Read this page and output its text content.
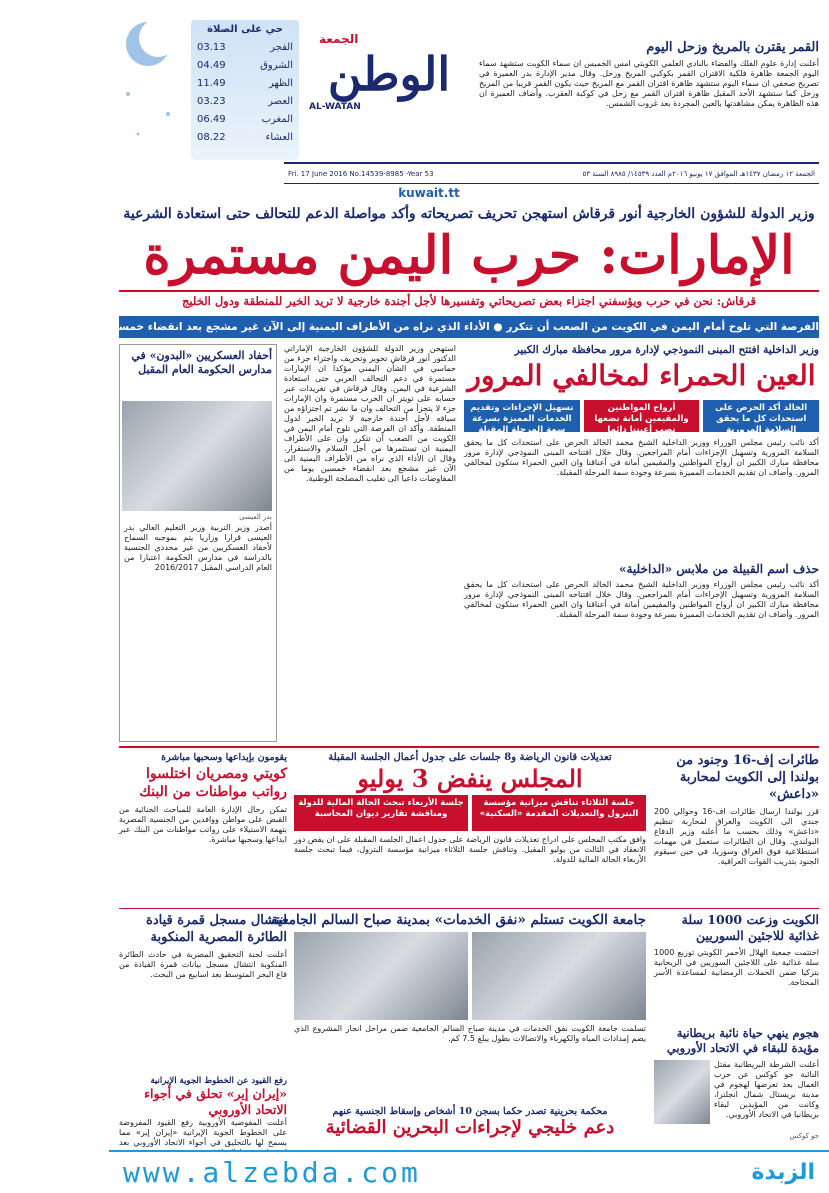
حي على الصلاة
الفجر
03.13
الشروق
04.49
الظهر
11.49
العصر
03.23
المغرب
06.49
العشاء
08.22
الجمعة
الوطن
AL-WATAN
القمر يقترن بالمريخ وزحل اليوم
أعلنت إدارة علوم الفلك والفضاء بالنادي العلمي الكويتي امس الخميس ان سماء الكويت ستشهد سماء اليوم الجمعة ظاهرة فلكية الاقتران القمر بكوكبي المريخ وزحل. وقال مدير الإدارة بدر العميرة في تصريح صحفي ان سماء اليوم ستشهد ظاهرة اقتران القمر مع المريخ حيث يكون القمر قريبا من المريخ وزحل كما ستشهد الأحد المقبل ظاهرة اقتران القمر مع زحل في كوكبة العقرب. وأضاف العميرة ان هذه الظاهرة يمكن مشاهدتها بالعين المجردة بعد غروب الشمس.
الجمعة ١٢ رمضان ١٤٣٧هـ الموافق ١٧ يونيو ٢٠١٦م العدد ١٤٥٣٩/ ٨٩٨٥ السنة ٥٣
Fri. 17 June 2016 No.14539-8985 -Year 53
kuwait.tt
وزير الدولة للشؤون الخارجية أنور قرقاش استهجن تحريف تصريحاته وأكد مواصلة الدعم للتحالف حتى استعادة الشرعية
الإمارات: حرب اليمن مستمرة
قرقاش: نحن في حرب ويؤسفني اجتزاء بعض تصريحاتي وتفسيرها لأجل أجندة خارجية لا تريد الخير للمنطقة ودول الخليج
الفرصة التي تلوح أمام اليمن في الكويت من الصعب أن تتكرر ● الأداء الذي نراه من الأطراف اليمنية إلى الآن غير مشجع بعد انقضاء خمسين يوما من المفاوضات
استهجن وزير الدولة للشؤون الخارجية الإماراتي الدكتور أنور قرقاش تحوير وتحريف واجتزاء جزء من حماسي في الشأن اليمني مؤكدا ان الإمارات مستمرة في دعم التحالف العربي حتى استعادة الشرعية في اليمن. وقال قرقاش في تغريدات عبر حسابه على تويتر ان الحرب مستمرة وان الإمارات جزء لا يتجزأ من التحالف وان ما نشر تم اجتزاؤه من سياقه لأجل أجندة خارجية لا تريد الخير لدول المنطقة. وأكد ان الفرصة التي تلوح أمام اليمن في الكويت من الصعب أن تتكرر وان على الأطراف اليمنية ان تستثمرها من أجل السلام والاستقرار. وقال ان الأداء الذي نراه من الأطراف اليمنية الى الآن غير مشجع بعد انقضاء خمسين يوما من المفاوضات داعيا الى تغليب المصلحة الوطنية.
أحفاد العسكريين «البدون» في مدارس الحكومة العام المقبل
بدر العيسى
أصدر وزير التربية وزير التعليم العالي بدر العيسى قرارا وزاريا يتم بموجبه السماح لأحفاد العسكريين من غير محددي الجنسية بالدراسة في مدارس الحكومة اعتبارا من العام الدراسي المقبل 2016/2017
وزير الداخلية افتتح المبنى النموذجي لإدارة مرور محافظة مبارك الكبير
العين الحمراء لمخالفي المرور
الخالد أكد الحرص على استحداث كل ما يحقق السلامة المرورية
أرواح المواطنين والمقيمين أمانة نضعها نصب أعيننا دائما
تسهيل الإجراءات وتقديم الخدمات المميزة بسرعة سمة المرحلة المقبلة
أكد نائب رئيس مجلس الوزراء ووزير الداخلية الشيخ محمد الخالد الحرص على استحداث كل ما يحقق السلامة المرورية وتسهيل الإجراءات أمام المراجعين. وقال خلال افتتاحه المبنى النموذجي لإدارة مرور محافظة مبارك الكبير ان أرواح المواطنين والمقيمين أمانة في أعناقنا وان العين الحمراء ستكون لمخالفي المرور. وأضاف ان تقديم الخدمات المميزة بسرعة وجودة سمة المرحلة المقبلة.
حذف اسم القبيلة من ملابس «الداخلية»
أكد نائب رئيس مجلس الوزراء ووزير الداخلية الشيخ محمد الخالد الحرص على استحداث كل ما يحقق السلامة المرورية وتسهيل الإجراءات أمام المراجعين. وقال خلال افتتاحه المبنى النموذجي لإدارة مرور محافظة مبارك الكبير ان أرواح المواطنين والمقيمين أمانة في أعناقنا وان العين الحمراء ستكون لمخالفي المرور. وأضاف ان تقديم الخدمات المميزة بسرعة وجودة سمة المرحلة المقبلة.
طائرات إف-16 وجنود من بولندا إلى الكويت لمحاربة «داعش»
قرر بولندا ارسال طائرات اف-16 وحوالي 200 جندي الى الكويت والعراق لمحاربة تنظيم «داعش» وذلك بحسب ما أعلنه وزير الدفاع البولندي. وقال ان الطائرات ستعمل في مهمات استطلاعية فوق العراق وسوريا، في حين سيقوم الجنود بتدريب القوات العراقية.
تعديلات قانون الرياضة و8 جلسات على جدول أعمال الجلسة المقبلة
المجلس ينفض 3 يوليو
جلسة الثلاثاء تناقش ميزانية مؤسسة البترول والتعديلات المقدمة «السكنية»
جلسة الأربعاء تبحث الحالة المالية للدولة ومناقشة تقارير ديوان المحاسبة
وافق مكتب المجلس على ادراج تعديلات قانون الرياضة على جدول اعمال الجلسة المقبلة على ان يفض دور الانعقاد في الثالث من يوليو المقبل. وتناقش جلسة الثلاثاء ميزانية مؤسسة البترول، فيما تبحث جلسة الأربعاء الحالة المالية للدولة.
يقومون بإيداعها وسحبها مباشرة
كويتي ومصريان اختلسوا رواتب مواطنات من البنك
تمكن رجال الإدارة العامة للمباحث الجنائية من القبض على مواطن ووافدين من الجنسية المصرية بتهمة الاستيلاء على رواتب مواطنات من البنك عبر ايداعها وسحبها مباشرة.
الكويت وزعت 1000 سلة غذائية للاجئين السوريين
اختتمت جمعية الهلال الأحمر الكويتي توزيع 1000 سلة غذائية على اللاجئين السوريين في الريحانية بتركيا ضمن الحملات الرمضانية لمساعدة الأسر المحتاجة.
جامعة الكويت تستلم «نفق الخدمات» بمدينة صباح السالم الجامعية
تسلمت جامعة الكويت نفق الخدمات في مدينة صباح السالم الجامعية ضمن مراحل انجاز المشروع الذي يضم إمدادات المياه والكهرباء والاتصالات بطول يبلغ 7.5 كم.
انتشال مسجل قمرة قيادة الطائرة المصرية المنكوبة
أعلنت لجنة التحقيق المصرية في حادث الطائرة المنكوبة انتشال مسجل بيانات قمرة القيادة من قاع البحر المتوسط بعد اسابيع من البحث.
هجوم ينهي حياة نائبة بريطانية مؤيدة للبقاء في الاتحاد الأوروبي
أعلنت الشرطة البريطانية مقتل النائبة جو كوكس عن حزب العمال بعد تعرضها لهجوم في مدينة بريستال شمال انجلترا، وكانت من المؤيدين لبقاء بريطانيا في الاتحاد الأوروبي.
جو كوكس
محكمة بحرينية تصدر حكما بسجن 10 أشخاص وإسقاط الجنسية عنهم
دعم خليجي لإجراءات البحرين القضائية
رفع القيود عن الخطوط الجوية الإيرانية
«إيران إير» تحلق في أجواء الاتحاد الأوروبي
أعلنت المفوضية الأوروبية رفع القيود المفروضة على الخطوط الجوية الإيرانية «إيران إير» مما يسمح لها بالتحليق في أجواء الاتحاد الأوروبي بعد
www.alzebda.com	الزبدة
